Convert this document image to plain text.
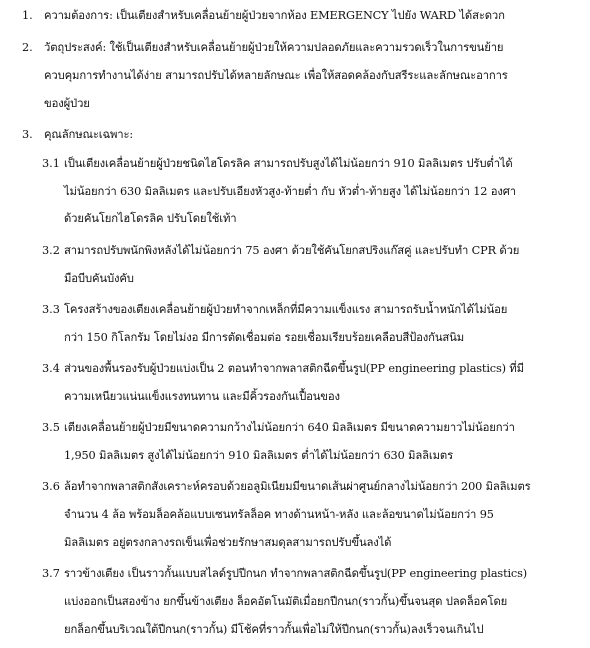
1. ความต้องการ: เป็นเตียงสำหรับเคลื่อนย้ายผู้ป่วยจากห้อง EMERGENCY ไปยัง WARD ได้สะดวก
2. วัตถุประสงค์: ใช้เป็นเตียงสำหรับเคลื่อนย้ายผู้ป่วยให้ความปลอดภัยและความรวดเร็วในการขนย้าย
ควบคุมการทำงานได้ง่าย สามารถปรับได้หลายลักษณะ เพื่อให้สอดคล้องกับสรีระและลักษณะอาการ
ของผู้ป่วย
3. คุณลักษณะเฉพาะ:
3.1 เป็นเตียงเคลื่อนย้ายผู้ป่วยชนิดไฮโดรลิค สามารถปรับสูงได้ไม่น้อยกว่า 910 มิลลิเมตร ปรับต่ำได้
ไม่น้อยกว่า 630 มิลลิเมตร และปรับเอียงหัวสูง-ท้ายต่ำ กับ หัวต่ำ-ท้ายสูง ได้ไม่น้อยกว่า 12 องศา
ด้วยคันโยกไฮโดรลิค ปรับโดยใช้เท้า
3.2 สามารถปรับพนักพิงหลังได้ไม่น้อยกว่า 75 องศา ด้วยใช้คันโยกสปริงแก๊สคู่ และปรับทำ CPR ด้วย
มือบีบคันบังคับ
3.3 โครงสร้างของเตียงเคลื่อนย้ายผู้ป่วยทำจากเหล็กที่มีความแข็งแรง สามารถรับน้ำหนักได้ไม่น้อย
กว่า 150 กิโลกรัม โดยไม่งอ มีการตัดเชื่อมต่อ รอยเชื่อมเรียบร้อยเคลือบสีป้องกันสนิม
3.4 ส่วนของพื้นรองรับผู้ป่วยแบ่งเป็น 2 ตอนทำจากพลาสติกฉีดขึ้นรูป(PP engineering plastics) ที่มี
ความเหนียวแน่นแข็งแรงทนทาน และมีคิ้วรองกันเปื้อนของ
3.5 เตียงเคลื่อนย้ายผู้ป่วยมีขนาดความกว้างไม่น้อยกว่า 640 มิลลิเมตร มีขนาดความยาวไม่น้อยกว่า
1,950 มิลลิเมตร สูงได้ไม่น้อยกว่า 910 มิลลิเมตร ต่ำได้ไม่น้อยกว่า 630 มิลลิเมตร
3.6 ล้อทำจากพลาสติกสังเคราะห์ครอบด้วยอลูมิเนียมมีขนาดเส้นผ่าศูนย์กลางไม่น้อยกว่า 200 มิลลิเมตร
จำนวน 4 ล้อ พร้อมล็อคล้อแบบเซนทรัลล็อค ทางด้านหน้า-หลัง และล้อขนาดไม่น้อยกว่า 95
มิลลิเมตร อยู่ตรงกลางรถเข็นเพื่อช่วยรักษาสมดุลสามารถปรับขึ้นลงได้
3.7 ราวข้างเตียง เป็นราวกั้นแบบสไลด์รูปปีกนก ทำจากพลาสติกฉีดขึ้นรูป(PP engineering plastics)
แบ่งออกเป็นสองข้าง ยกขึ้นข้างเตียง ล็อคอัตโนมัติเมื่อยกปีกนก(ราวกั้น)ขึ้นจนสุด ปลดล็อคโดย
ยกล็อกขึ้นบริเวณใต้ปีกนก(ราวกั้น) มีโช้คที่ราวกั้นเพื่อไม่ให้ปีกนก(ราวกั้น)ลงเร็วจนเกินไป
